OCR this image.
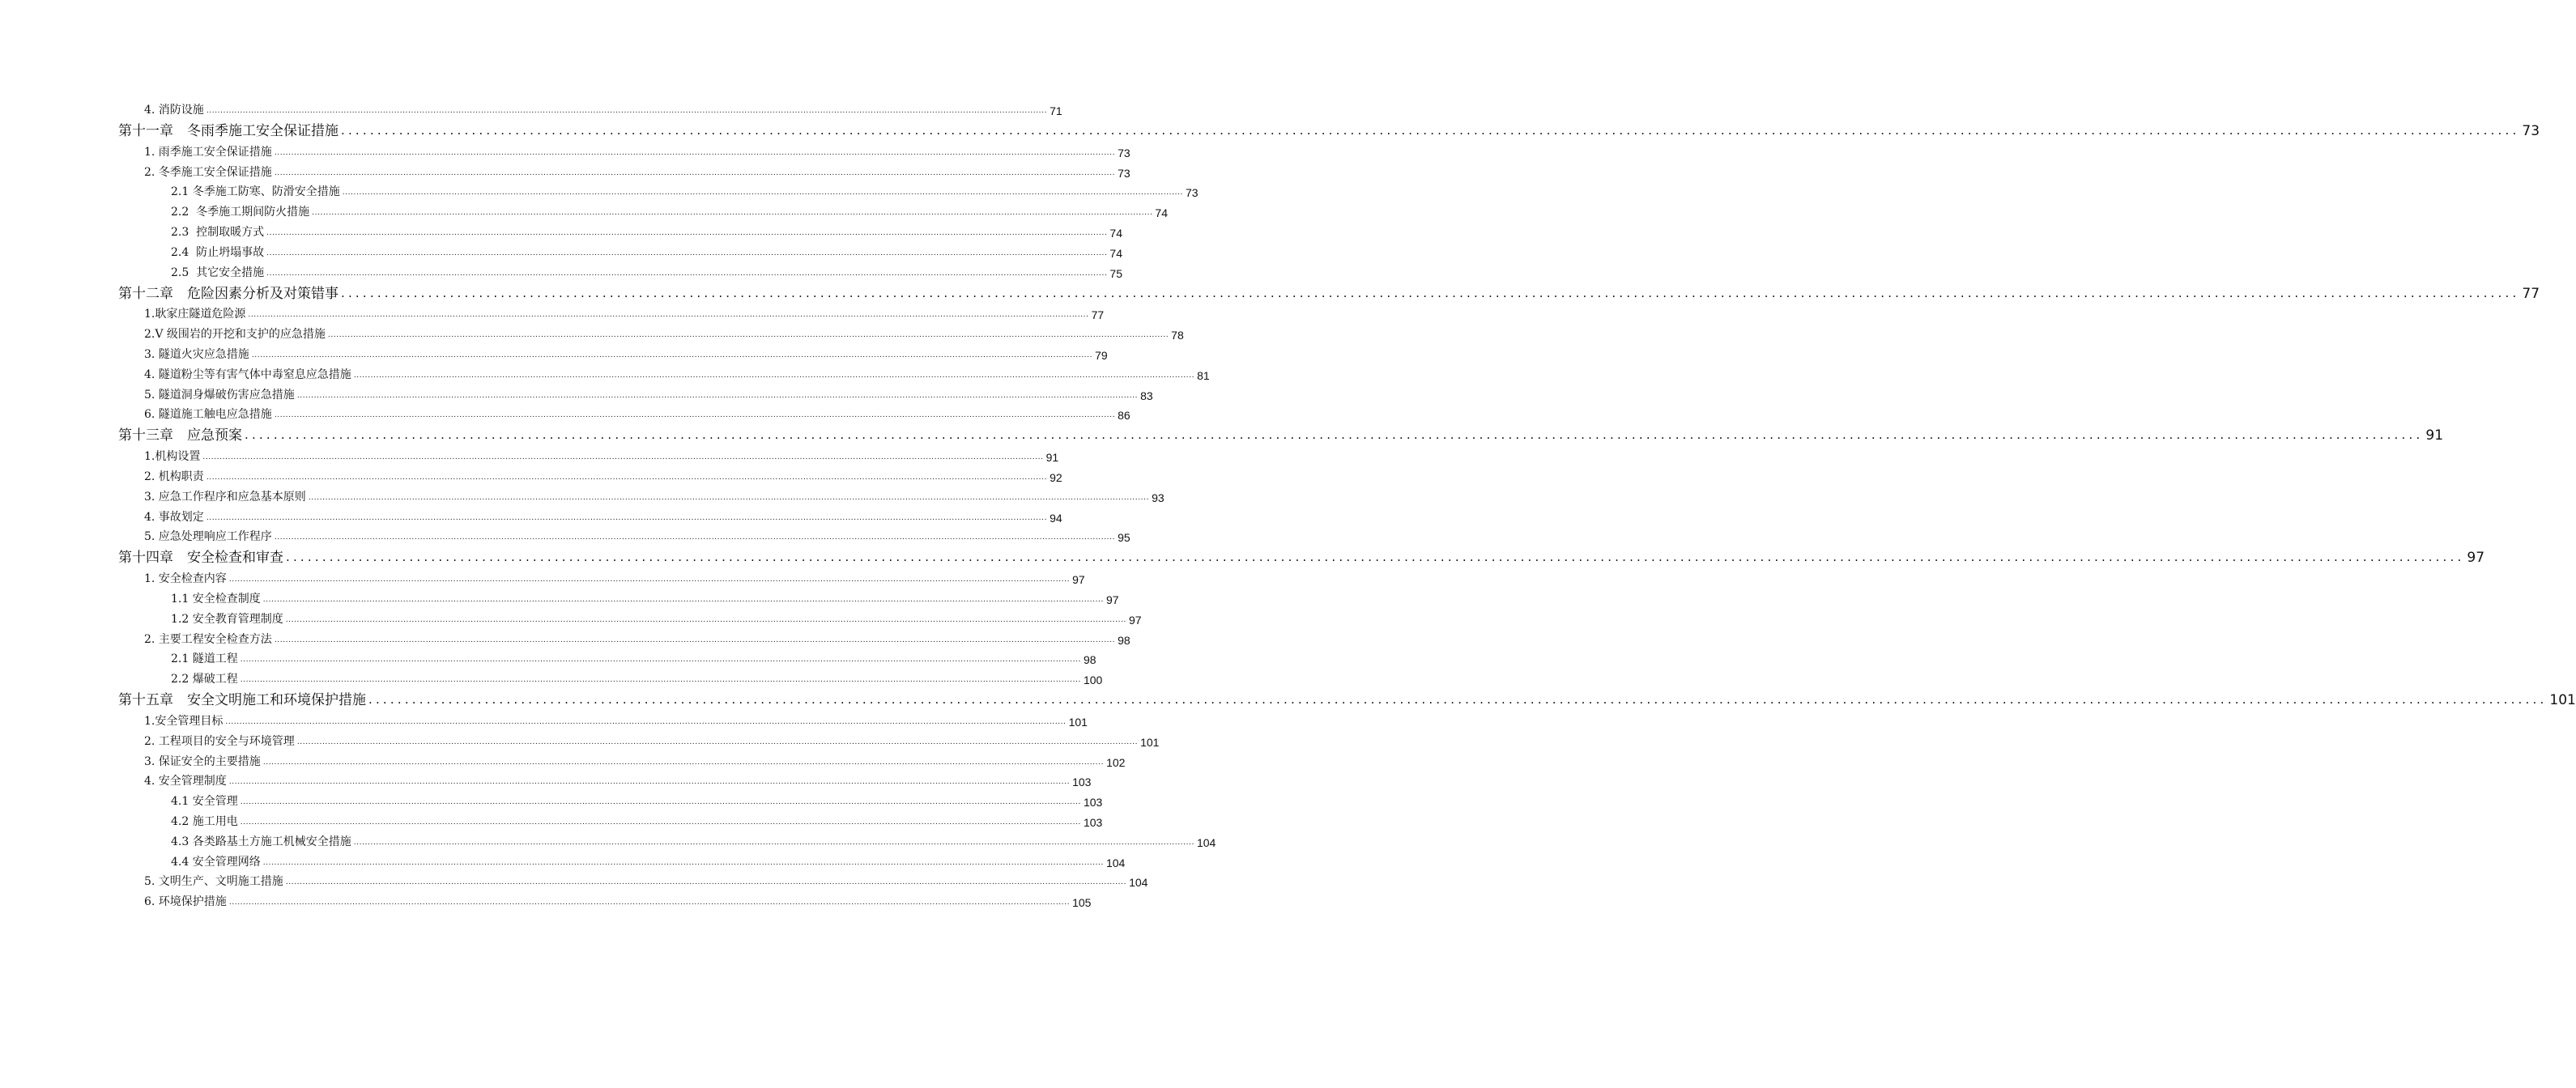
4. 消防设施 ............................................................................................................................................................................................................................................................................................................ 71
第十一章　冬雨季施工安全保证措施 ............................................................................................................................................................................................................................................................................................................ 73
1. 雨季施工安全保证措施 ............................................................................................................................................................................................................................................................................................................ 73
2. 冬季施工安全保证措施 ............................................................................................................................................................................................................................................................................................................ 73
2.1 冬季施工防寒、防滑安全措施 ............................................................................................................................................................................................................................................................................................................ 73
2.2  冬季施工期间防火措施 ............................................................................................................................................................................................................................................................................................................ 74
2.3  控制取暖方式 ............................................................................................................................................................................................................................................................................................................ 74
2.4  防止坍塌事故 ............................................................................................................................................................................................................................................................................................................ 74
2.5  其它安全措施 ............................................................................................................................................................................................................................................................................................................ 75
第十二章　危险因素分析及对策错事 ............................................................................................................................................................................................................................................................................................................ 77
1.耿家庄隧道危险源 ............................................................................................................................................................................................................................................................................................................ 77
2.V 级围岩的开挖和支护的应急措施 ............................................................................................................................................................................................................................................................................................................ 78
3. 隧道火灾应急措施 ............................................................................................................................................................................................................................................................................................................ 79
4. 隧道粉尘等有害气体中毒窒息应急措施 ............................................................................................................................................................................................................................................................................................................ 81
5. 隧道洞身爆破伤害应急措施 ............................................................................................................................................................................................................................................................................................................ 83
6. 隧道施工触电应急措施 ............................................................................................................................................................................................................................................................................................................ 86
第十三章　应急预案 ............................................................................................................................................................................................................................................................................................................ 91
1.机构设置 ............................................................................................................................................................................................................................................................................................................ 91
2. 机构职责 ............................................................................................................................................................................................................................................................................................................ 92
3. 应急工作程序和应急基本原则 ............................................................................................................................................................................................................................................................................................................ 93
4. 事故划定 ............................................................................................................................................................................................................................................................................................................ 94
5. 应急处理响应工作程序 ............................................................................................................................................................................................................................................................................................................ 95
第十四章　安全检查和审查 ............................................................................................................................................................................................................................................................................................................ 97
1. 安全检查内容 ............................................................................................................................................................................................................................................................................................................ 97
1.1 安全检查制度 ............................................................................................................................................................................................................................................................................................................ 97
1.2 安全教育管理制度 ............................................................................................................................................................................................................................................................................................................ 97
2. 主要工程安全检查方法 ............................................................................................................................................................................................................................................................................................................ 98
2.1 隧道工程 ............................................................................................................................................................................................................................................................................................................ 98
2.2 爆破工程 ............................................................................................................................................................................................................................................................................................................ 100
第十五章　安全文明施工和环境保护措施 ............................................................................................................................................................................................................................................................................................................ 101
1.安全管理目标 ............................................................................................................................................................................................................................................................................................................ 101
2. 工程项目的安全与环境管理 ............................................................................................................................................................................................................................................................................................................ 101
3. 保证安全的主要措施 ............................................................................................................................................................................................................................................................................................................ 102
4. 安全管理制度 ............................................................................................................................................................................................................................................................................................................ 103
4.1 安全管理 ............................................................................................................................................................................................................................................................................................................ 103
4.2 施工用电 ............................................................................................................................................................................................................................................................................................................ 103
4.3 各类路基土方施工机械安全措施 ............................................................................................................................................................................................................................................................................................................ 104
4.4 安全管理网络 ............................................................................................................................................................................................................................................................................................................ 104
5. 文明生产、文明施工措施 ............................................................................................................................................................................................................................................................................................................ 104
6. 环境保护措施 ............................................................................................................................................................................................................................................................................................................ 105
